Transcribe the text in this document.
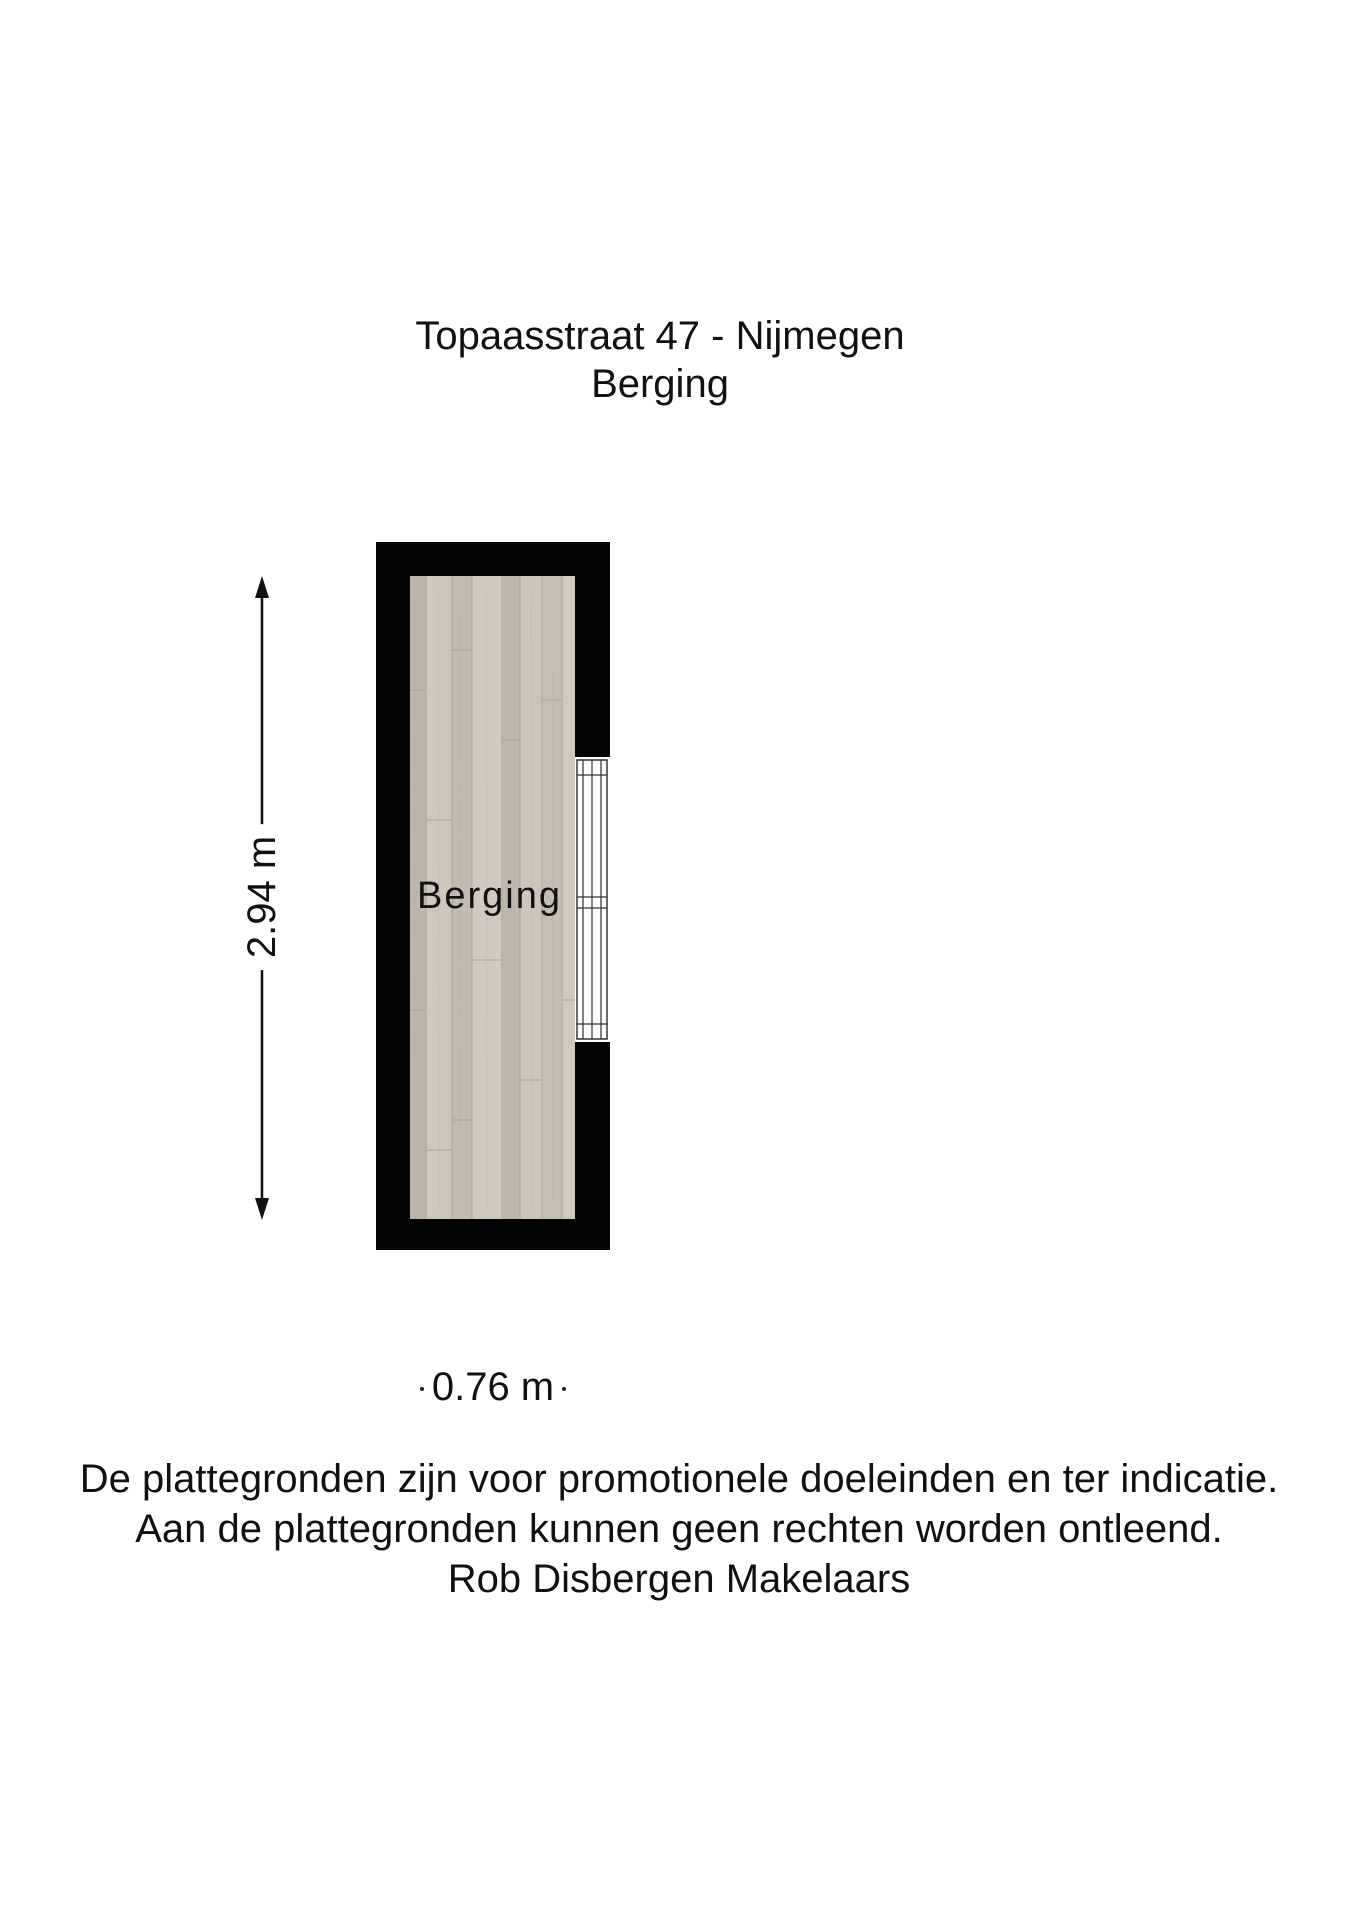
Topaasstraat 47 - Nijmegen
Berging
Berging
2.94 m
0.76 m
De plattegronden zijn voor promotionele doeleinden en ter indicatie.
Aan de plattegronden kunnen geen rechten worden ontleend.
Rob Disbergen Makelaars
